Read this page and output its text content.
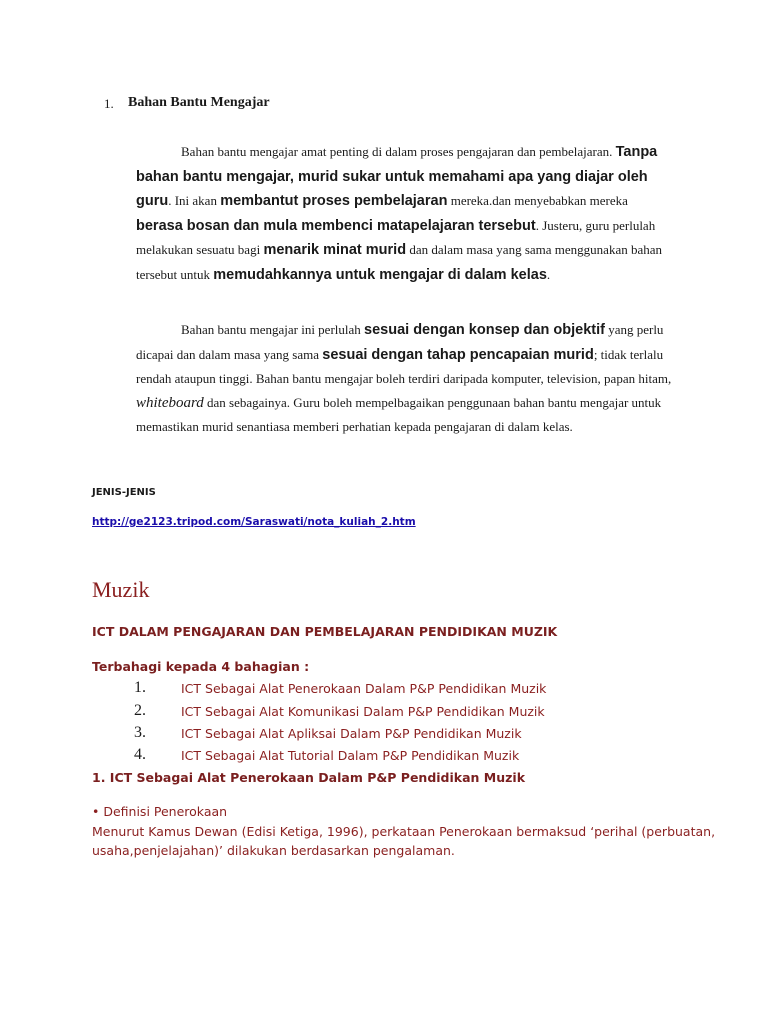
1. Bahan Bantu Mengajar
Bahan bantu mengajar amat penting di dalam proses pengajaran dan pembelajaran. Tanpa bahan bantu mengajar, murid sukar untuk memahami apa yang diajar oleh guru. Ini akan membantut proses pembelajaran mereka.dan menyebabkan mereka berasa bosan dan mula membenci matapelajaran tersebut. Justeru, guru perlulah melakukan sesuatu bagi menarik minat murid dan dalam masa yang sama menggunakan bahan tersebut untuk memudahkannya untuk mengajar di dalam kelas.
Bahan bantu mengajar ini perlulah sesuai dengan konsep dan objektif yang perlu dicapai dan dalam masa yang sama sesuai dengan tahap pencapaian murid; tidak terlalu rendah ataupun tinggi. Bahan bantu mengajar boleh terdiri daripada komputer, television, papan hitam, whiteboard dan sebagainya. Guru boleh mempelbagaikan penggunaan bahan bantu mengajar untuk memastikan murid senantiasa memberi perhatian kepada pengajaran di dalam kelas.
JENIS-JENIS
http://ge2123.tripod.com/Saraswati/nota_kuliah_2.htm
Muzik
ICT DALAM PENGAJARAN DAN PEMBELAJARAN PENDIDIKAN MUZIK
Terbahagi kepada 4 bahagian :
1.	ICT Sebagai Alat Penerokaan Dalam P&P Pendidikan Muzik
2.	ICT Sebagai Alat Komunikasi Dalam P&P Pendidikan Muzik
3.	ICT Sebagai Alat Apliksai Dalam P&P Pendidikan Muzik
4.	ICT Sebagai Alat Tutorial Dalam P&P Pendidikan Muzik
1. ICT Sebagai Alat Penerokaan Dalam P&P Pendidikan Muzik
• Definisi Penerokaan
Menurut Kamus Dewan (Edisi Ketiga, 1996), perkataan Penerokaan bermaksud ‘perihal (perbuatan, usaha,penjelajahan)’ dilakukan berdasarkan pengalaman.
